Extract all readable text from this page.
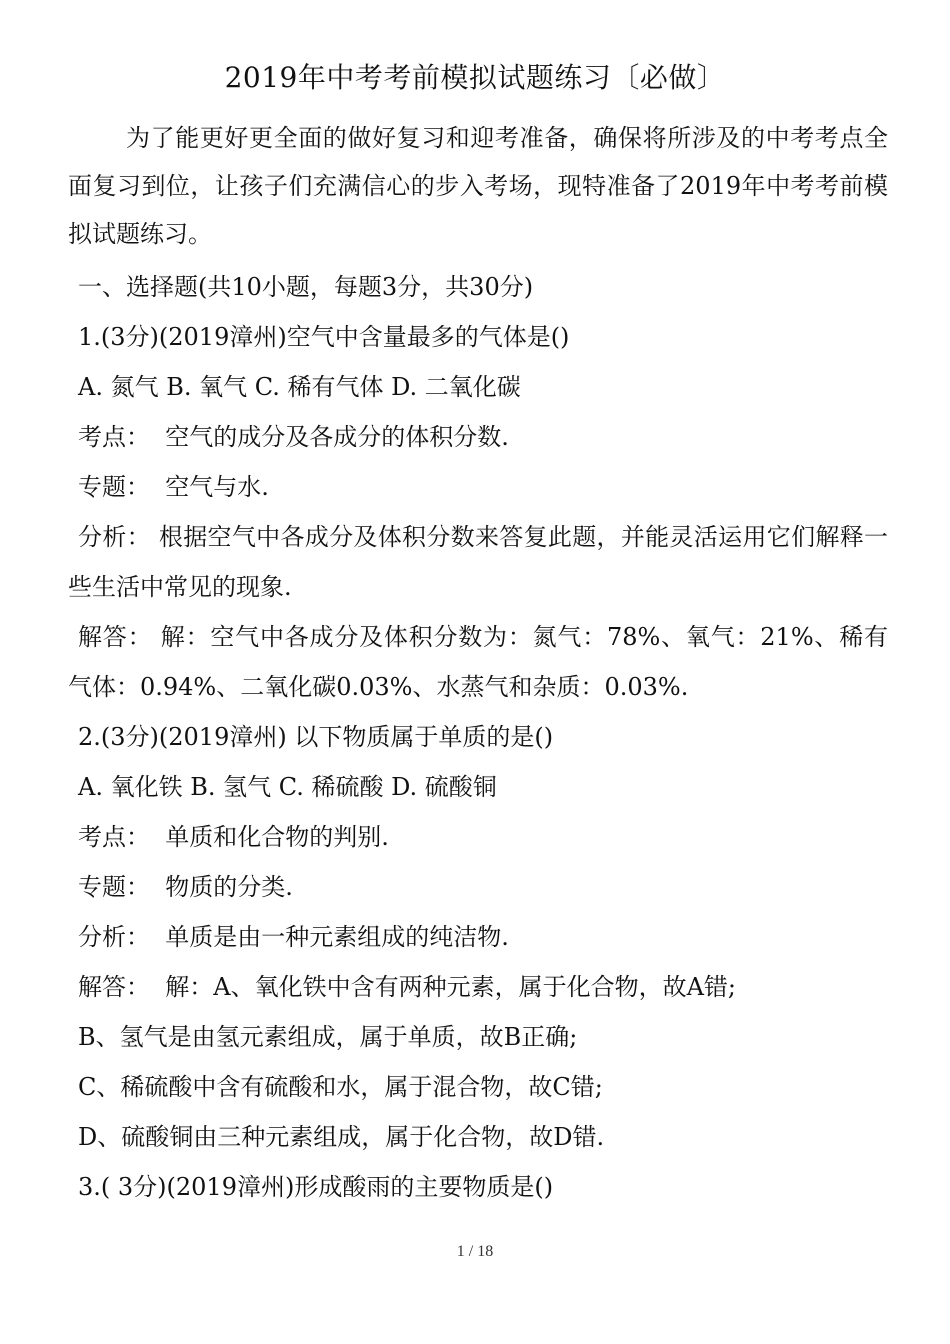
2019年中考考前模拟试题练习〔必做〕
为了能更好更全面的做好复习和迎考准备，确保将所涉及的中考考点全面复习到位，让孩子们充满信心的步入考场，现特准备了2019年中考考前模拟试题练习。
一、选择题(共10小题，每题3分，共30分)
1.(3分)(2019漳州)空气中含量最多的气体是()
A. 氮气 B. 氧气 C. 稀有气体 D. 二氧化碳
考点： 空气的成分及各成分的体积分数.
专题： 空气与水.
分析： 根据空气中各成分及体积分数来答复此题，并能灵活运用它们解释一些生活中常见的现象.
解答： 解：空气中各成分及体积分数为：氮气：78%、氧气：21%、稀有气体：0.94%、二氧化碳0.03%、水蒸气和杂质：0.03%.
2.(3分)(2019漳州) 以下物质属于单质的是()
A. 氧化铁 B. 氢气 C. 稀硫酸 D. 硫酸铜
考点： 单质和化合物的判别.
专题： 物质的分类.
分析： 单质是由一种元素组成的纯洁物.
解答： 解：A、氧化铁中含有两种元素，属于化合物，故A错;
B、氢气是由氢元素组成，属于单质，故B正确;
C、稀硫酸中含有硫酸和水，属于混合物，故C错;
D、硫酸铜由三种元素组成，属于化合物，故D错.
3.( 3分)(2019漳州)形成酸雨的主要物质是()
1 / 18
